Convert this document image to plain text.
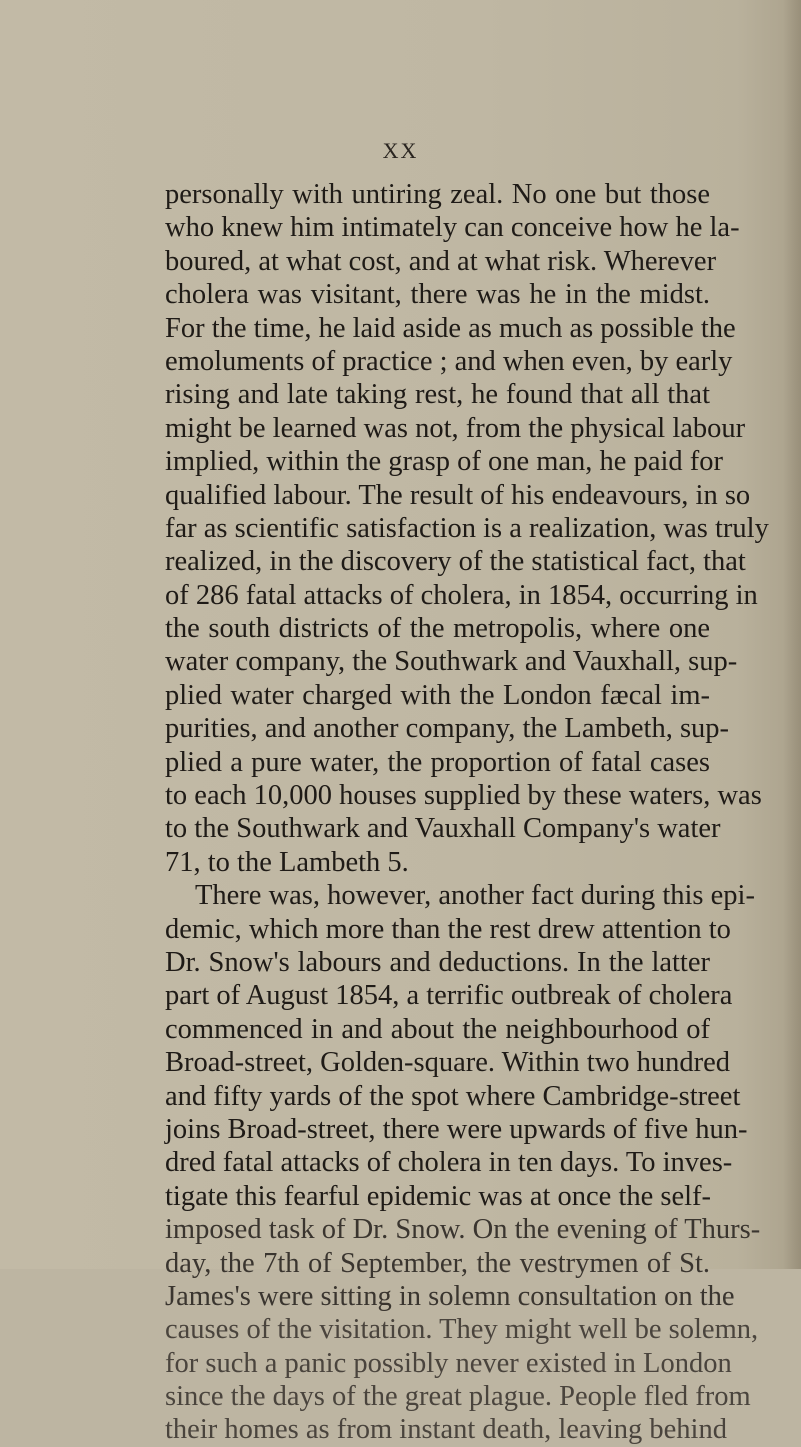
XX
personally with untiring zeal. No one but those
who knew him intimately can conceive how he la-
boured, at what cost, and at what risk. Wherever
cholera was visitant, there was he in the midst.
For the time, he laid aside as much as possible the
emoluments of practice ; and when even, by early
rising and late taking rest, he found that all that
might be learned was not, from the physical labour
implied, within the grasp of one man, he paid for
qualified labour. The result of his endeavours, in so
far as scientific satisfaction is a realization, was truly
realized, in the discovery of the statistical fact, that
of 286 fatal attacks of cholera, in 1854, occurring in
the south districts of the metropolis, where one
water company, the Southwark and Vauxhall, sup-
plied water charged with the London fæcal im-
purities, and another company, the Lambeth, sup-
plied a pure water, the proportion of fatal cases
to each 10,000 houses supplied by these waters, was
to the Southwark and Vauxhall Company's water
71, to the Lambeth 5.
There was, however, another fact during this epi-
demic, which more than the rest drew attention to
Dr. Snow's labours and deductions. In the latter
part of August 1854, a terrific outbreak of cholera
commenced in and about the neighbourhood of
Broad-street, Golden-square. Within two hundred
and fifty yards of the spot where Cambridge-street
joins Broad-street, there were upwards of five hun-
dred fatal attacks of cholera in ten days. To inves-
tigate this fearful epidemic was at once the self-
imposed task of Dr. Snow. On the evening of Thurs-
day, the 7th of September, the vestrymen of St.
James's were sitting in solemn consultation on the
causes of the visitation. They might well be solemn,
for such a panic possibly never existed in London
since the days of the great plague. People fled from
their homes as from instant death, leaving behind
